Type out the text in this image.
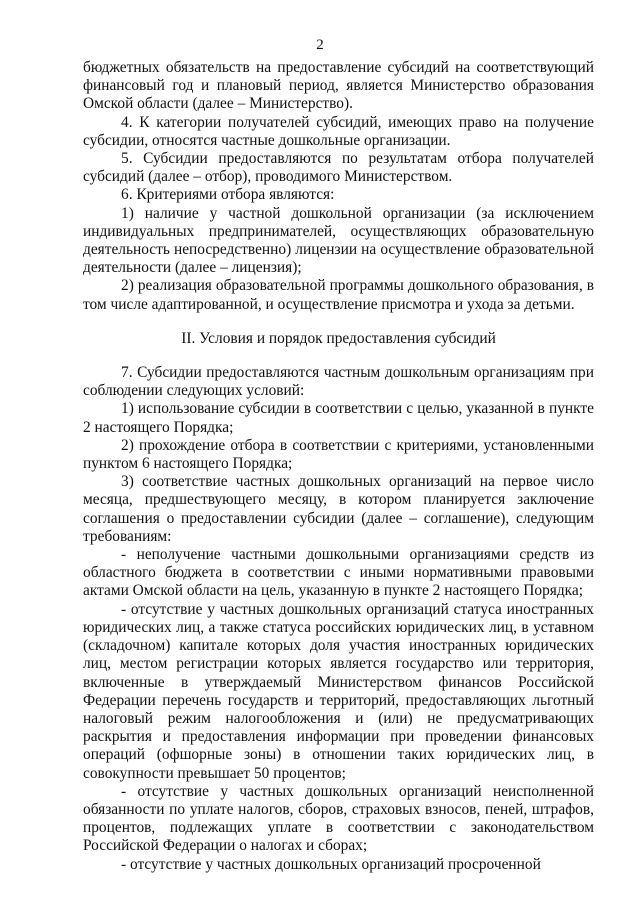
2

бюджетных обязательств на предоставление субсидий на соответствующий финансовый год и плановый период, является Министерство образования Омской области (далее – Министерство).

4. К категории получателей субсидий, имеющих право на получение субсидии, относятся частные дошкольные организации.

5. Субсидии предоставляются по результатам отбора получателей субсидий (далее – отбор), проводимого Министерством.

6. Критериями отбора являются:

1) наличие у частной дошкольной организации (за исключением индивидуальных предпринимателей, осуществляющих образовательную деятельность непосредственно) лицензии на осуществление образовательной деятельности (далее – лицензия);

2) реализация образовательной программы дошкольного образования, в том числе адаптированной, и осуществление присмотра и ухода за детьми.

II. Условия и порядок предоставления субсидий

7. Субсидии предоставляются частным дошкольным организациям при соблюдении следующих условий:

1) использование субсидии в соответствии с целью, указанной в пункте 2 настоящего Порядка;

2) прохождение отбора в соответствии с критериями, установленными пунктом 6 настоящего Порядка;

3) соответствие частных дошкольных организаций на первое число месяца, предшествующего месяцу, в котором планируется заключение соглашения о предоставлении субсидии (далее – соглашение), следующим требованиям:

- неполучение частными дошкольными организациями средств из областного бюджета в соответствии с иными нормативными правовыми актами Омской области на цель, указанную в пункте 2 настоящего Порядка;

- отсутствие у частных дошкольных организаций статуса иностранных юридических лиц, а также статуса российских юридических лиц, в уставном (складочном) капитале которых доля участия иностранных юридических лиц, местом регистрации которых является государство или территория, включенные в утверждаемый Министерством финансов Российской Федерации перечень государств и территорий, предоставляющих льготный налоговый режим налогообложения и (или) не предусматривающих раскрытия и предоставления информации при проведении финансовых операций (офшорные зоны) в отношении таких юридических лиц, в совокупности превышает 50 процентов;

- отсутствие у частных дошкольных организаций неисполненной обязанности по уплате налогов, сборов, страховых взносов, пеней, штрафов, процентов, подлежащих уплате в соответствии с законодательством Российской Федерации о налогах и сборах;

- отсутствие у частных дошкольных организаций просроченной
